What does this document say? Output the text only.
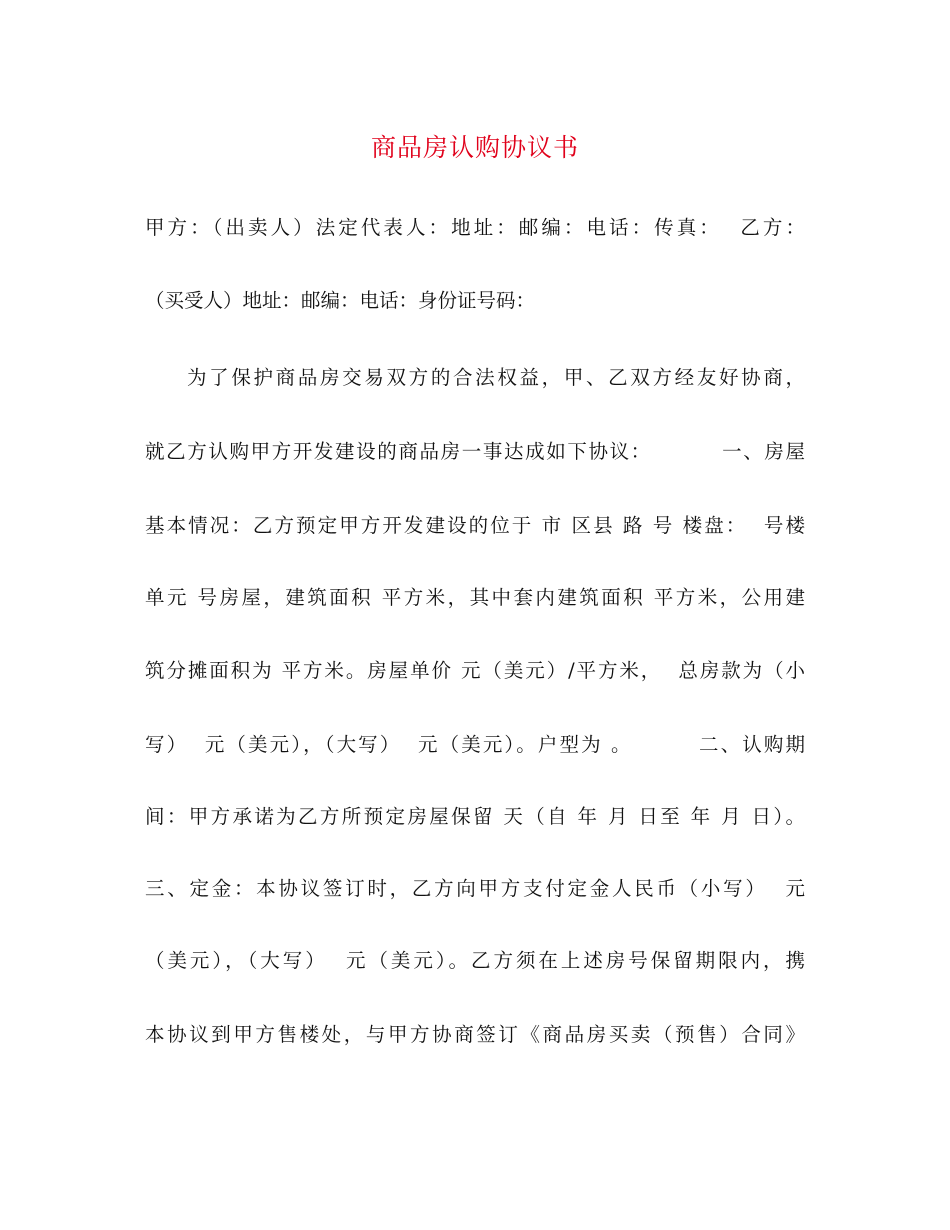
商品房认购协议书
甲方：（出卖人）法定代表人：地址：邮编：电话：传真：  乙方：
（买受人）地址：邮编：电话：身份证号码：
为了保护商品房交易双方的合法权益，甲、乙双方经友好协商，
就乙方认购甲方开发建设的商品房一事达成如下协议：         一、房屋
基本情况：乙方预定甲方开发建设的位于 市 区县 路 号 楼盘：  号楼
单元 号房屋，建筑面积 平方米，其中套内建筑面积 平方米，公用建
筑分摊面积为 平方米。房屋单价 元（美元）/平方米，  总房款为（小
写）  元（美元），（大写）  元（美元）。户型为 。        二、认购期
间：甲方承诺为乙方所预定房屋保留 天（自 年 月 日至 年 月 日）。
三、定金：本协议签订时，乙方向甲方支付定金人民币（小写）  元
（美元），（大写）  元（美元）。乙方须在上述房号保留期限内，携
本协议到甲方售楼处，与甲方协商签订《商品房买卖（预售）合同》
